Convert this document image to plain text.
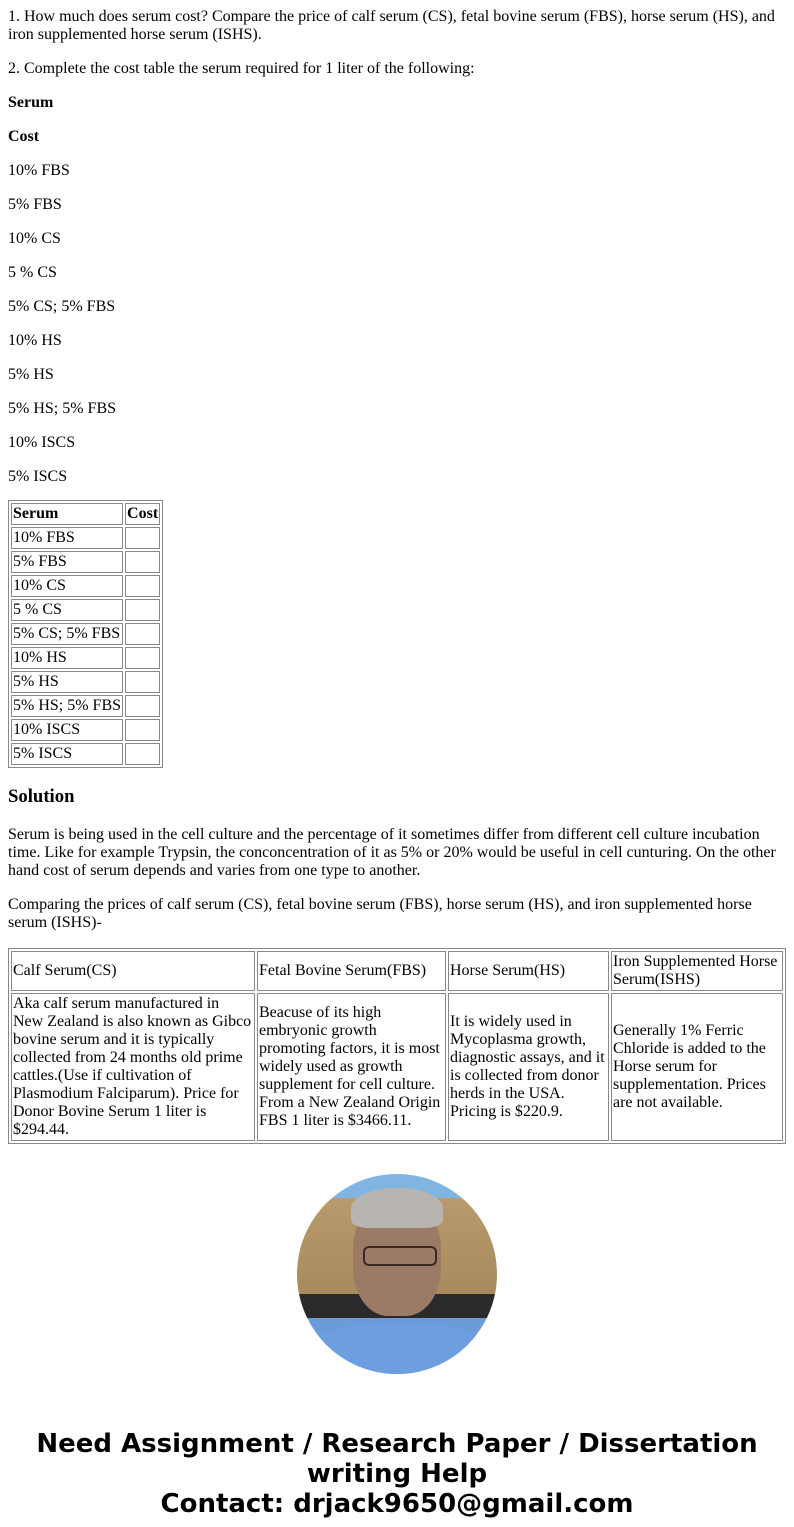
1. How much does serum cost? Compare the price of calf serum (CS), fetal bovine serum (FBS), horse serum (HS), and iron supplemented horse serum (ISHS).

2. Complete the cost table the serum required for 1 liter of the following:

Serum

Cost

10% FBS

5% FBS

10% CS

5 % CS

5% CS; 5% FBS

10% HS

5% HS

5% HS; 5% FBS

10% ISCS

5% ISCS

Serum	Cost
10% FBS	
5% FBS	
10% CS	
5 % CS	
5% CS; 5% FBS	
10% HS	
5% HS	
5% HS; 5% FBS	
10% ISCS	
5% ISCS	
Solution

Serum is being used in the cell culture and the percentage of it sometimes differ from different cell culture incubation time. Like for example Trypsin, the conconcentration of it as 5% or 20% would be useful in cell cunturing. On the other hand cost of serum depends and varies from one type to another.

Comparing the prices of calf serum (CS), fetal bovine serum (FBS), horse serum (HS), and iron supplemented horse serum (ISHS)-

Calf Serum(CS)	Fetal Bovine Serum(FBS)	Horse Serum(HS)	Iron Supplemented Horse Serum(ISHS)
Aka calf serum manufactured in New Zealand is also known as Gibco bovine serum and it is typically collected from 24 months old prime cattles.(Use if cultivation of Plasmodium Falciparum). Price for Donor Bovine Serum 1 liter is $294.44.	Beacuse of its high embryonic growth promoting factors, it is most widely used as growth supplement for cell culture. From a New Zealand Origin FBS 1 liter is $3466.11.	It is widely used in Mycoplasma growth, diagnostic assays, and it is collected from donor herds in the USA. Pricing is $220.9.	Generally 1% Ferric Chloride is added to the Horse serum for supplementation. Prices are not available.
Need Assignment / Research Paper / Dissertation writing Help
Contact: drjack9650@gmail.com
